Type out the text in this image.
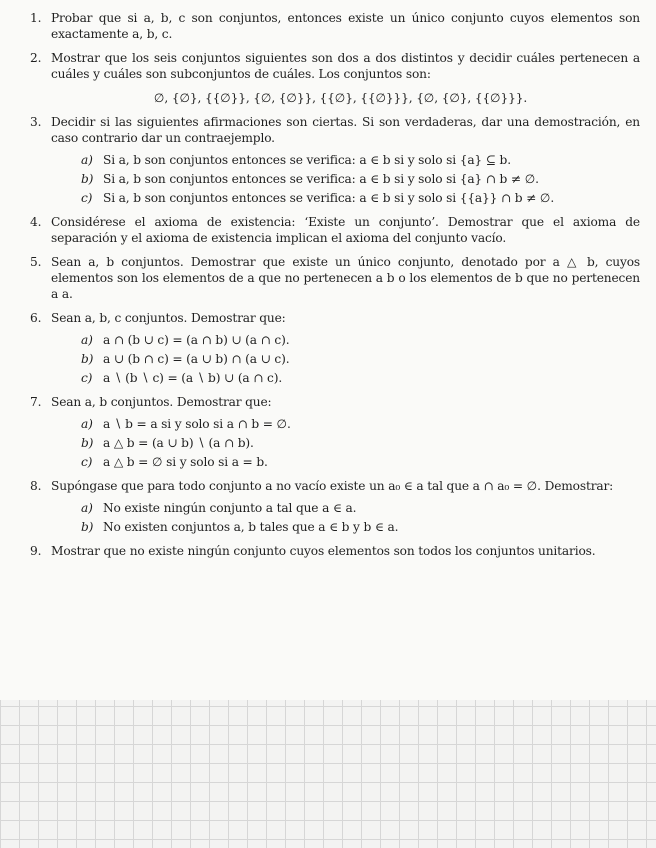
1. Probar que si a, b, c son conjuntos, entonces existe un único conjunto cuyos elementos son exactamente a, b, c.
2. Mostrar que los seis conjuntos siguientes son dos a dos distintos y decidir cuáles pertenecen a cuáles y cuáles son subconjuntos de cuáles. Los conjuntos son:
∅, {∅}, {{∅}}, {∅, {∅}}, {{∅}, {{∅}}}, {∅, {∅}, {{∅}}}.
3. Decidir si las siguientes afirmaciones son ciertas. Si son verdaderas, dar una demostración, en caso contrario dar un contraejemplo.
a) Si a, b son conjuntos entonces se verifica: a ∈ b si y solo si {a} ⊆ b.
b) Si a, b son conjuntos entonces se verifica: a ∈ b si y solo si {a} ∩ b ≠ ∅.
c) Si a, b son conjuntos entonces se verifica: a ∈ b si y solo si {{a}} ∩ b ≠ ∅.
4. Considérese el axioma de existencia: ‘Existe un conjunto’. Demostrar que el axioma de separación y el axioma de existencia implican el axioma del conjunto vacío.
5. Sean a, b conjuntos. Demostrar que existe un único conjunto, denotado por a △ b, cuyos elementos son los elementos de a que no pertenecen a b o los elementos de b que no pertenecen a a.
6. Sean a, b, c conjuntos. Demostrar que:
a) a ∩ (b ∪ c) = (a ∩ b) ∪ (a ∩ c).
b) a ∪ (b ∩ c) = (a ∪ b) ∩ (a ∪ c).
c) a ∖ (b ∖ c) = (a ∖ b) ∪ (a ∩ c).
7. Sean a, b conjuntos. Demostrar que:
a) a ∖ b = a si y solo si a ∩ b = ∅.
b) a △ b = (a ∪ b) ∖ (a ∩ b).
c) a △ b = ∅ si y solo si a = b.
8. Supóngase que para todo conjunto a no vacío existe un a₀ ∈ a tal que a ∩ a₀ = ∅. Demostrar:
a) No existe ningún conjunto a tal que a ∈ a.
b) No existen conjuntos a, b tales que a ∈ b y b ∈ a.
9. Mostrar que no existe ningún conjunto cuyos elementos son todos los conjuntos unitarios.
